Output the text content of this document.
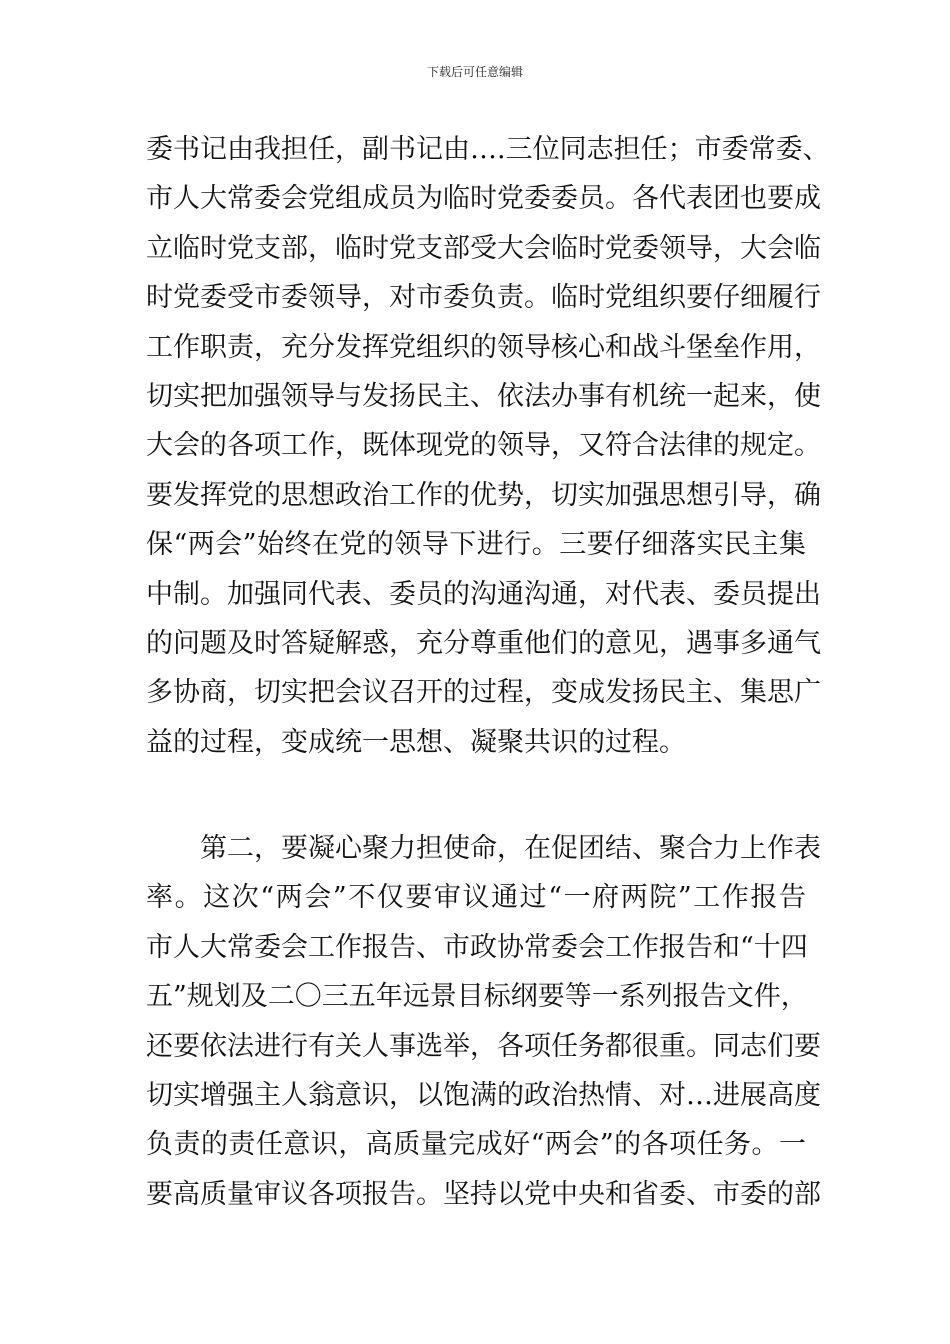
下载后可任意编辑
委书记由我担任，副书记由….三位同志担任；市委常委、
市人大常委会党组成员为临时党委委员。各代表团也要成
立临时党支部，临时党支部受大会临时党委领导，大会临
时党委受市委领导，对市委负责。临时党组织要仔细履行
工作职责，充分发挥党组织的领导核心和战斗堡垒作用，
切实把加强领导与发扬民主、依法办事有机统一起来，使
大会的各项工作，既体现党的领导，又符合法律的规定。
要发挥党的思想政治工作的优势，切实加强思想引导，确
保“两会”始终在党的领导下进行。三要仔细落实民主集
中制。加强同代表、委员的沟通沟通，对代表、委员提出
的问题及时答疑解惑，充分尊重他们的意见，遇事多通气
多协商，切实把会议召开的过程，变成发扬民主、集思广
益的过程，变成统一思想、凝聚共识的过程。
第二，要凝心聚力担使命，在促团结、聚合力上作表
率。这次“两会”不仅要审议通过“一府两院”工作报告
市人大常委会工作报告、市政协常委会工作报告和“十四
五”规划及二〇三五年远景目标纲要等一系列报告文件，
还要依法进行有关人事选举，各项任务都很重。同志们要
切实增强主人翁意识，以饱满的政治热情、对…进展高度
负责的责任意识，高质量完成好“两会”的各项任务。一
要高质量审议各项报告。坚持以党中央和省委、市委的部
